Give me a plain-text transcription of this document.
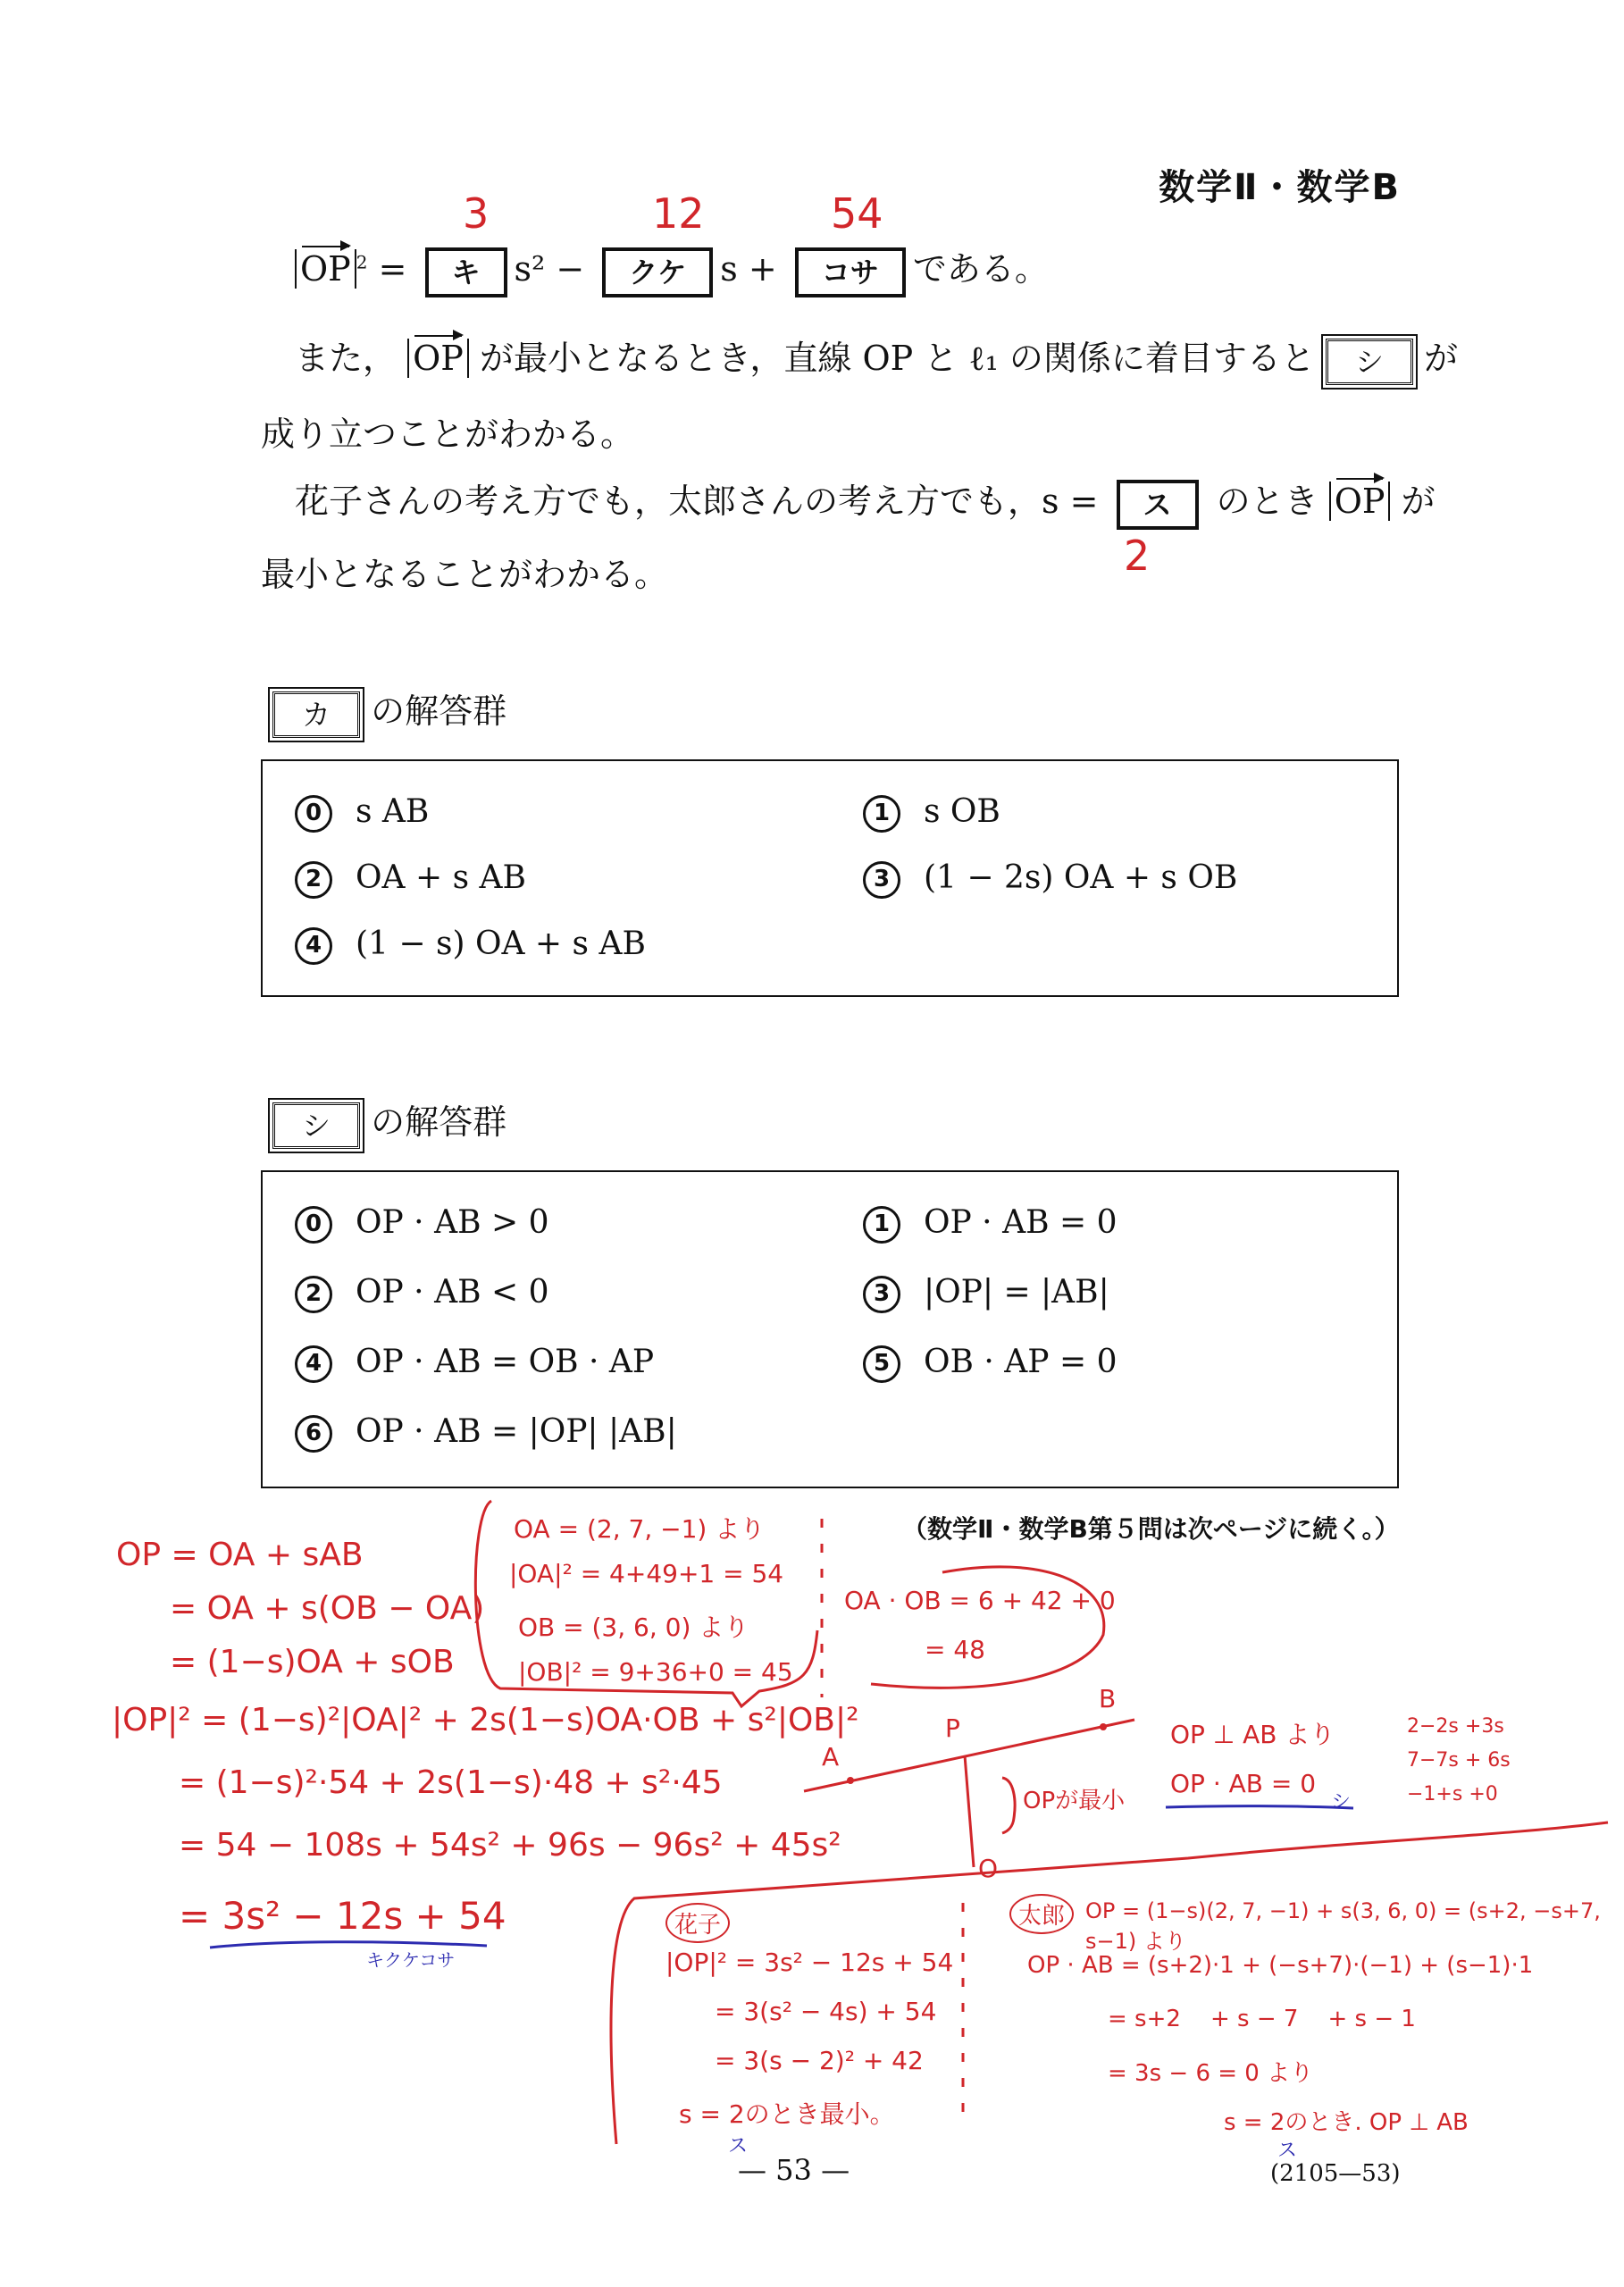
数学Ⅱ・数学B
OP $^2$ = キ s² − クケ s + コサ である。
また， OP が最小となるとき，直線 OP と ℓ₁ の関係に着目すると シ が
成り立つことがわかる。
花子さんの考え方でも，太郎さんの考え方でも，s = ス のとき OP が
最小となることがわかる。
カ の解答群
0 s AB	1 s OB
2 OA + s AB	3 (1 − 2s) OA + s OB
4 (1 − s) OA + s AB
シ の解答群
0 OP · AB > 0	1 OP · AB = 0
2 OP · AB < 0	3 |OP| = |AB|
4 OP · AB = OB · AP	5 OB · AP = 0
6 OP · AB = |OP| |AB|
（数学Ⅱ・数学B第５問は次ページに続く。）
3	12	54
2
OP = OA + sAB
= OA + s(OB − OA)
= (1−s)OA + sOB
OA = (2, 7, −1) より
|OA|² = 4+49+1 = 54
OB = (3, 6, 0) より
|OB|² = 9+36+0 = 45
OA · OB = 6 + 42 + 0
= 48
|OP|² = (1−s)²|OA|² + 2s(1−s)OA·OB + s²|OB|²
= (1−s)²·54 + 2s(1−s)·48 + s²·45
= 54 − 108s + 54s² + 96s − 96s² + 45s²
= 3s² − 12s + 54
キクケコサ
A
P
B
O
OPが最小
OP ⊥ AB より
OP · AB = 0
シ
2−2s +3s
7−7s + 6s
−1+s +0
花子
|OP|² = 3s² − 12s + 54
= 3(s² − 4s) + 54
= 3(s − 2)² + 42
s = 2のとき最小。
ス
太郎 OP = (1−s)(2, 7, −1) + s(3, 6, 0) = (s+2, −s+7, s−1) より
OP · AB = (s+2)·1 + (−s+7)·(−1) + (s−1)·1
= s+2    + s − 7    + s − 1
= 3s − 6 = 0 より
s = 2のとき. OP ⊥ AB
ス
— 53 —	(2105—53)
